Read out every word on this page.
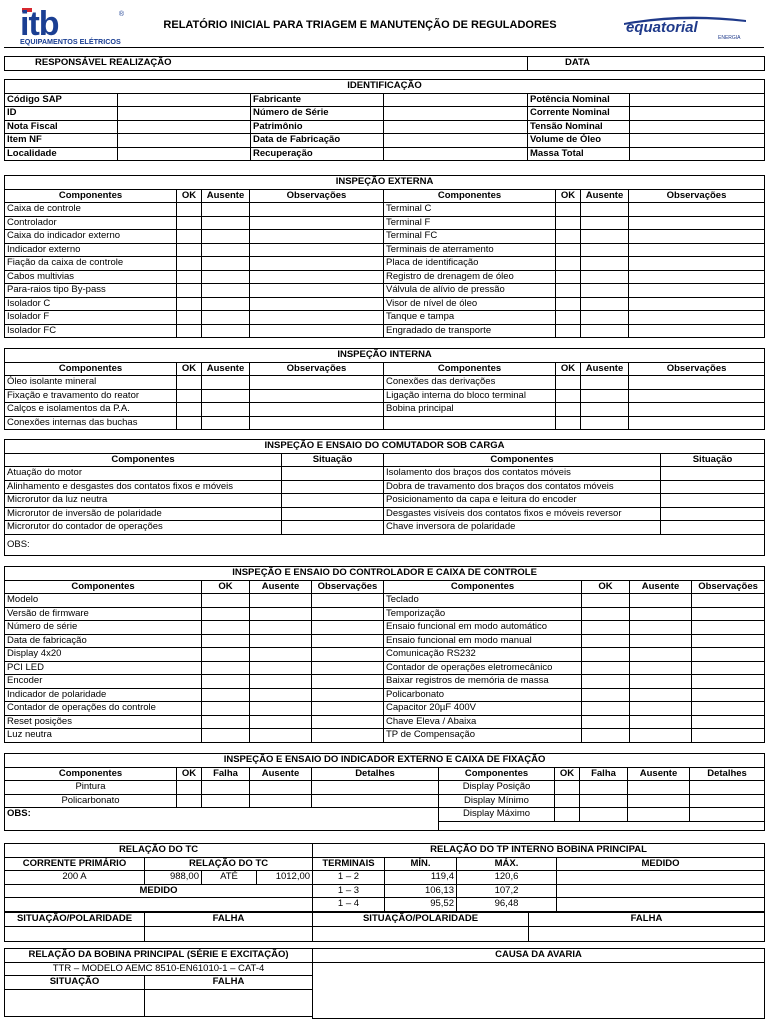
itb	®
EQUIPAMENTOS ELÉTRICOS
RELATÓRIO INICIAL PARA TRIAGEM E MANUTENÇÃO DE REGULADORES	equatorial
ENERGIA
RESPONSÁVEL REALIZAÇÃO	DATA
IDENTIFICAÇÃO					
Código SAP		Fabricante		Potência Nominal	
ID		Número de Série		Corrente Nominal	
Nota Fiscal		Patrimônio		Tensão Nominal	
Item NF		Data de Fabricação		Volume de Óleo	
Localidade		Recuperação		Massa Total	
INSPEÇÃO EXTERNA							
Componentes	OK	Ausente	Observações	Componentes	OK	Ausente	Observações
Caixa de controle				Terminal C			
Controlador				Terminal F			
Caixa do indicador externo				Terminal FC			
Indicador externo				Terminais de aterramento			
Fiação da caixa de controle				Placa de identificação			
Cabos multivias				Registro de drenagem de óleo			
Para-raios tipo By-pass				Válvula de alívio de pressão			
Isolador C				Visor de nível de óleo			
Isolador F				Tanque e tampa			
Isolador FC				Engradado de transporte			
INSPEÇÃO INTERNA							
Componentes	OK	Ausente	Observações	Componentes	OK	Ausente	Observações
Óleo isolante mineral				Conexões das derivações			
Fixação e travamento do reator				Ligação interna do bloco terminal			
Calços e isolamentos da P.A.				Bobina principal			
Conexões internas das buchas							
INSPEÇÃO E ENSAIO DO COMUTADOR SOB CARGA			
Componentes	Situação	Componentes	Situação
Atuação do motor		Isolamento dos braços dos contatos móveis	
Alinhamento e desgastes dos contatos fixos e móveis		Dobra de travamento dos braços dos contatos móveis	
Microrutor da luz neutra		Posicionamento da capa e leitura do encoder	
Microrutor de inversão de polaridade		Desgastes visíveis dos contatos fixos e móveis reversor	
Microrutor do contador de operações		Chave inversora de polaridade	
OBS:			
INSPEÇÃO E ENSAIO DO CONTROLADOR E CAIXA DE CONTROLE							
Componentes	OK	Ausente	Observações	Componentes	OK	Ausente	Observações
Modelo				Teclado			
Versão de firmware				Temporização			
Número de série				Ensaio funcional em modo automático			
Data de fabricação				Ensaio funcional em modo manual			
Display 4x20				Comunicação RS232			
PCI LED				Contador de operações eletromecânico			
Encoder				Baixar registros de memória de massa			
Indicador de polaridade				Policarbonato			
Contador de operações do controle				Capacitor 20µF 400V			
Reset posições				Chave Eleva / Abaixa			
Luz neutra				TP de Compensação			
INSPEÇÃO E ENSAIO DO INDICADOR EXTERNO E CAIXA DE FIXAÇÃO									
Componentes	OK	Falha	Ausente	Detalhes	Componentes	OK	Falha	Ausente	Detalhes
Pintura					Display Posição				
Policarbonato					Display Mínimo				
OBS:					Display Máximo				

RELAÇÃO DO TC			
CORRENTE PRIMÁRIO	RELAÇÃO DO TC		
200 A	988,00	ATÉ	1012,00
MEDIDO			

RELAÇÃO DO TP INTERNO BOBINA PRINCIPAL			
TERMINAIS	MÍN.	MÁX.	MEDIDO
1 – 2	119,4	120,6	
1 – 3	106,13	107,2	
1 – 4	95,52	96,48	
SITUAÇÃO/POLARIDADE	FALHA	SITUAÇÃO/POLARIDADE	FALHA

RELAÇÃO DA BOBINA PRINCIPAL (SÉRIE E EXCITAÇÃO)	
TTR – MODELO AEMC 8510-EN61010-1 – CAT-4	
SITUAÇÃO	FALHA

CAUSA DA AVARIA
